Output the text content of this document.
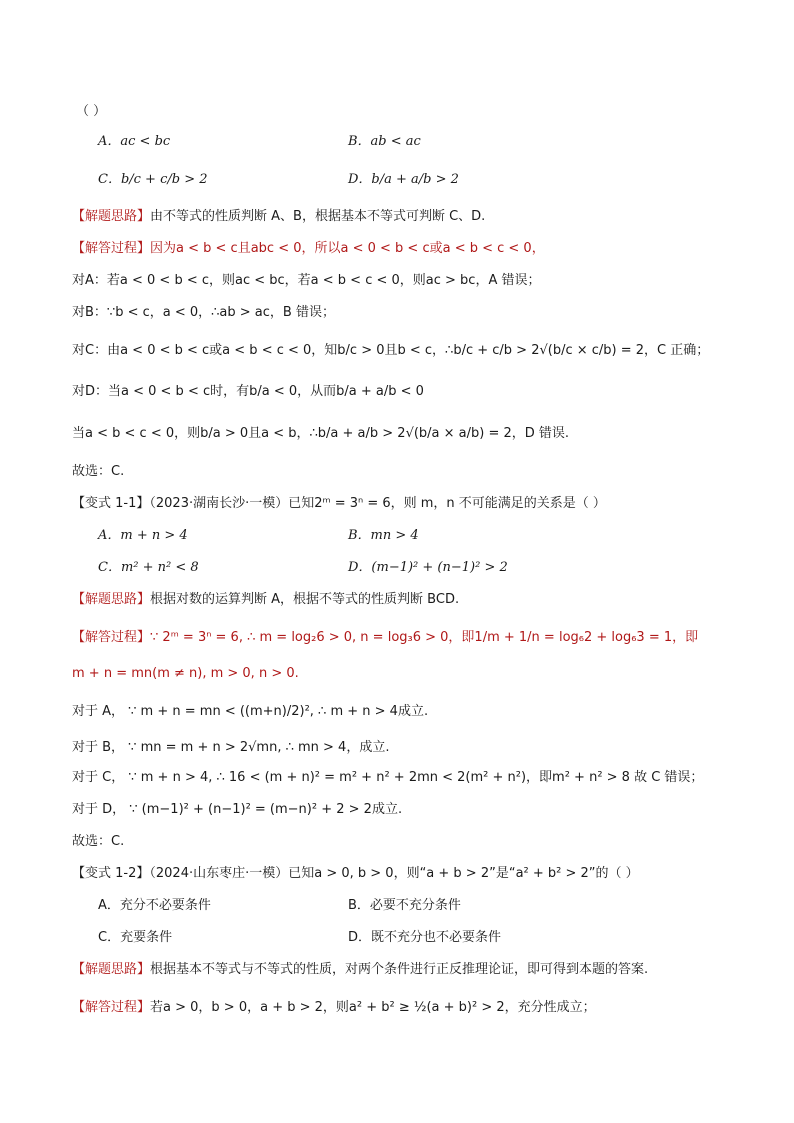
（ ）
A．ac < bc	B．ab < ac
C．b/c + c/b > 2	D．b/a + a/b > 2
【解题思路】由不等式的性质判断 A、B，根据基本不等式可判断 C、D.
【解答过程】因为a < b < c且abc < 0，所以a < 0 < b < c或a < b < c < 0，
对A：若a < 0 < b < c，则ac < bc，若a < b < c < 0，则ac > bc，A 错误；
对B：∵b < c，a < 0，∴ab > ac，B 错误；
对C：由a < 0 < b < c或a < b < c < 0，知b/c > 0且b < c，∴b/c + c/b > 2√(b/c × c/b) = 2，C 正确；
对D：当a < 0 < b < c时，有b/a < 0，从而b/a + a/b < 0
当a < b < c < 0，则b/a > 0且a < b，∴b/a + a/b > 2√(b/a × a/b) = 2，D 错误.
故选：C.
【变式 1-1】（2023·湖南长沙·一模）已知2ᵐ = 3ⁿ = 6，则 m，n 不可能满足的关系是（ ）
A．m + n > 4	B．mn > 4
C．m² + n² < 8	D．(m−1)² + (n−1)² > 2
【解题思路】根据对数的运算判断 A，根据不等式的性质判断 BCD.
【解答过程】∵ 2ᵐ = 3ⁿ = 6, ∴ m = log₂6 > 0, n = log₃6 > 0，即1/m + 1/n = log₆2 + log₆3 = 1，即
m + n = mn(m ≠ n), m > 0, n > 0.
对于 A， ∵ m + n = mn < ((m+n)/2)², ∴ m + n > 4成立.
对于 B， ∵ mn = m + n > 2√mn, ∴ mn > 4，成立.
对于 C， ∵ m + n > 4, ∴ 16 < (m + n)² = m² + n² + 2mn < 2(m² + n²)，即m² + n² > 8 故 C 错误；
对于 D， ∵ (m−1)² + (n−1)² = (m−n)² + 2 > 2成立.
故选：C.
【变式 1-2】（2024·山东枣庄·一模）已知a > 0, b > 0，则“a + b > 2”是“a² + b² > 2”的（ ）
A．充分不必要条件	B．必要不充分条件
C．充要条件	D．既不充分也不必要条件
【解题思路】根据基本不等式与不等式的性质，对两个条件进行正反推理论证，即可得到本题的答案.
【解答过程】若a > 0，b > 0，a + b > 2，则a² + b² ≥ ½(a + b)² > 2，充分性成立；
